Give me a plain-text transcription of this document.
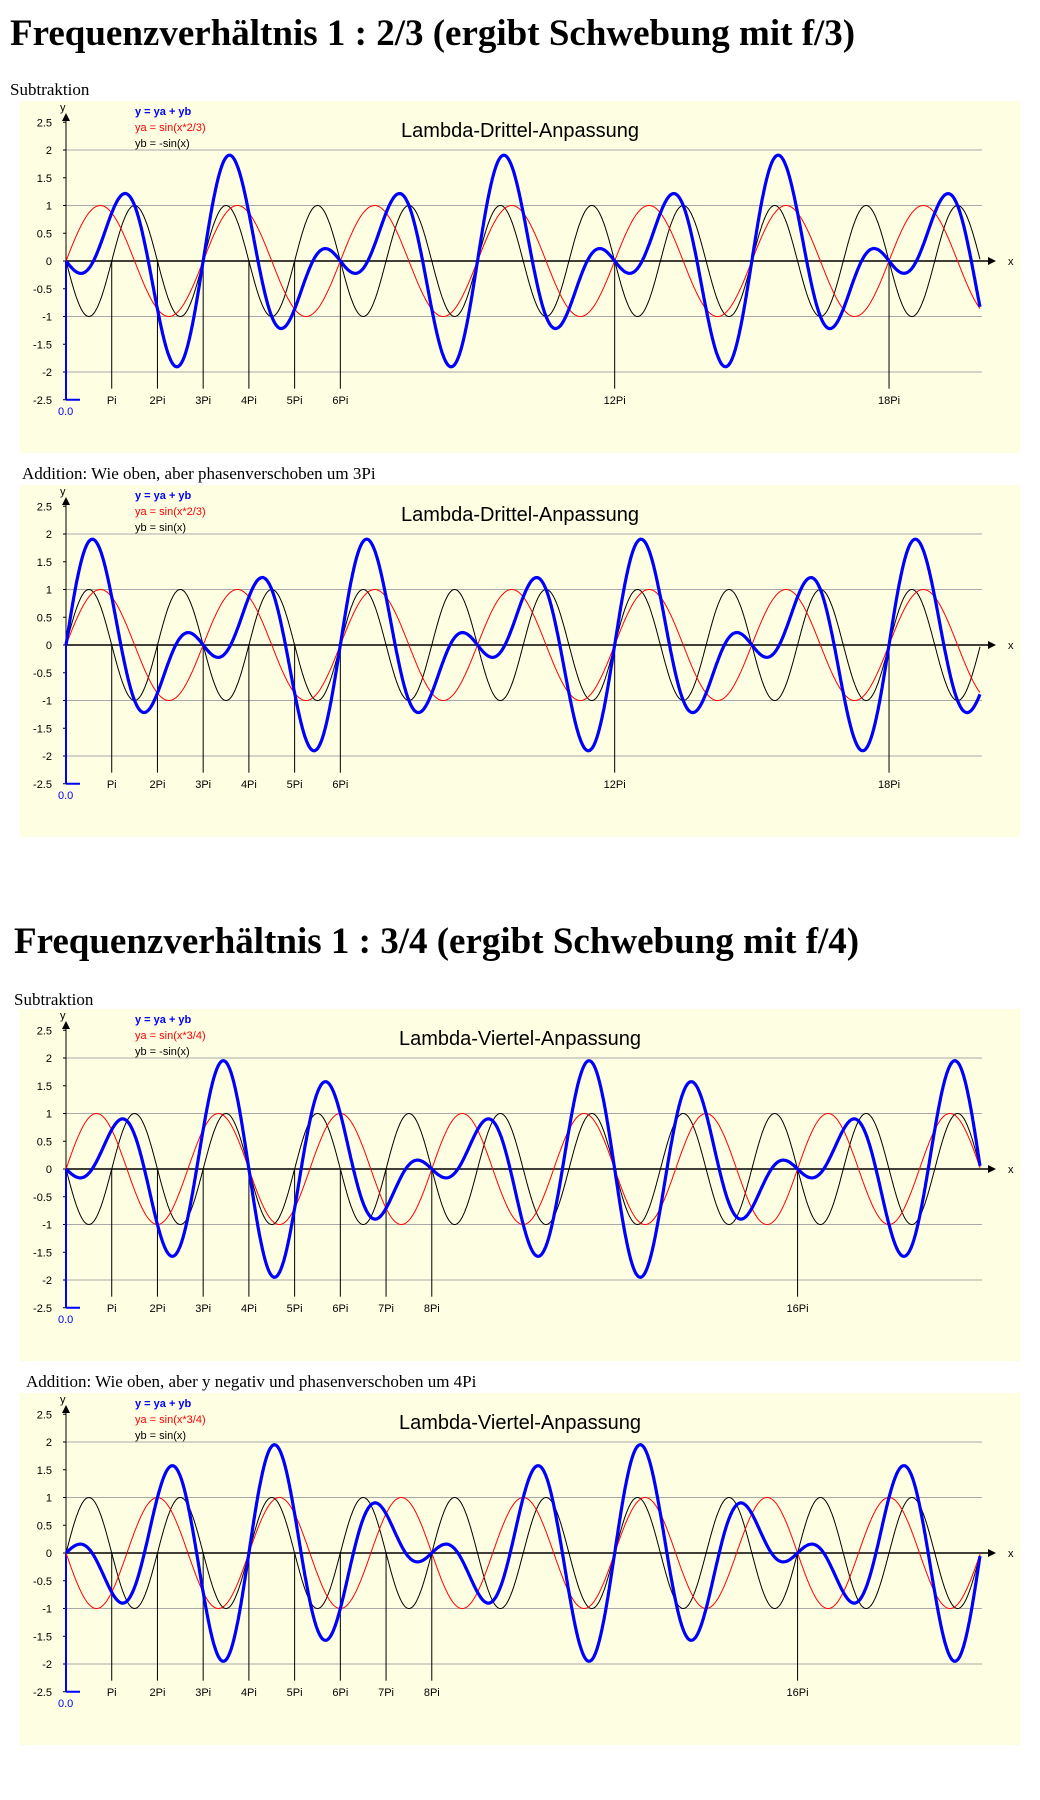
Frequenzverhältnis 1 : 2/3 (ergibt Schwebung mit f/3)
Subtraktion
2.5
2
1.5
1
0.5
0
-0.5
-1
-1.5
-2
-2.5	Pi	2Pi	3Pi	4Pi	5Pi	6Pi	12Pi	18Pi
x
y
0.0
Lambda-Drittel-Anpassung
y = ya + yb
ya = sin(x*2/3)
yb = -sin(x)
Addition: Wie oben, aber phasenverschoben um 3Pi
2.5
2
1.5
1
0.5
0
-0.5
-1
-1.5
-2
-2.5	Pi	2Pi	3Pi	4Pi	5Pi	6Pi	12Pi	18Pi
x
y
0.0
Lambda-Drittel-Anpassung
y = ya + yb
ya = sin(x*2/3)
yb = sin(x)
Frequenzverhältnis 1 : 3/4 (ergibt Schwebung mit f/4)
Subtraktion
2.5
2
1.5
1
0.5
0
-0.5
-1
-1.5
-2
-2.5	Pi	2Pi	3Pi	4Pi	5Pi	6Pi	7Pi	8Pi	16Pi
x
y
0.0
Lambda-Viertel-Anpassung
y = ya + yb
ya = sin(x*3/4)
yb = -sin(x)
Addition: Wie oben, aber y negativ und phasenverschoben um 4Pi
2.5
2
1.5
1
0.5
0
-0.5
-1
-1.5
-2
-2.5	Pi	2Pi	3Pi	4Pi	5Pi	6Pi	7Pi	8Pi	16Pi
x
y
0.0
Lambda-Viertel-Anpassung
y = ya + yb
ya = sin(x*3/4)
yb = sin(x)
